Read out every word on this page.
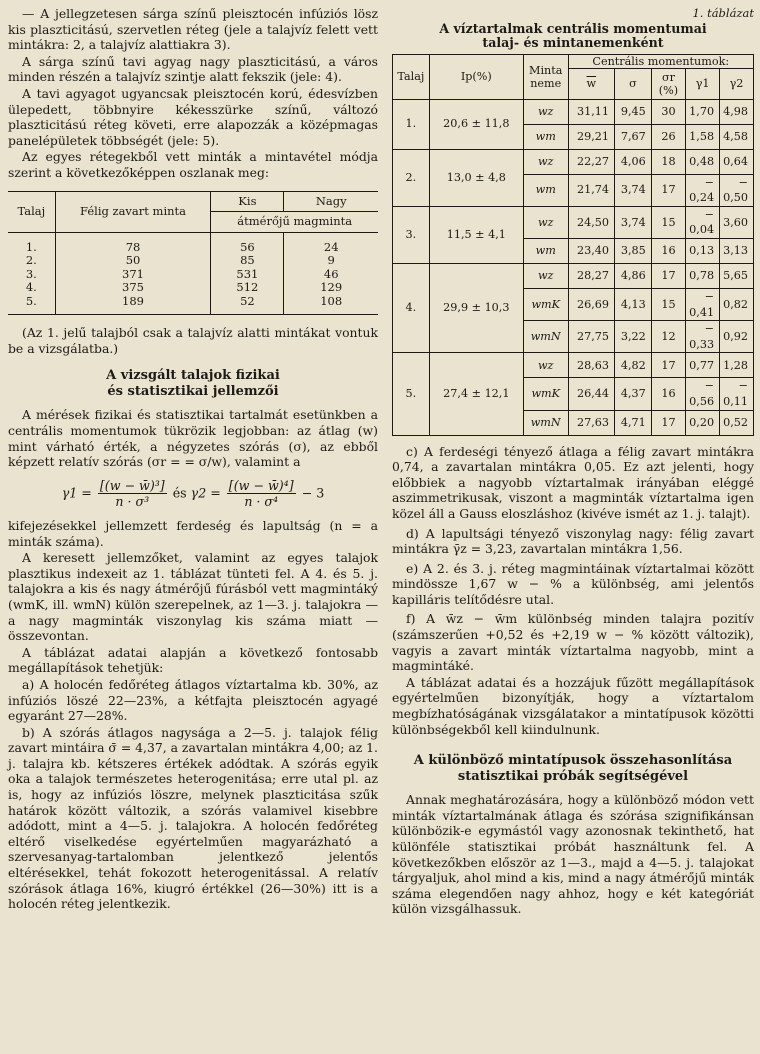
— A jellegzetesen sárga színű pleisztocén infúziós lösz kis plaszticitású, szervetlen réteg (jele a talajvíz felett vett mintákra: 2, a talajvíz alattiakra 3).

A sárga színű tavi agyag nagy plaszticitású, a város minden részén a talajvíz szintje alatt fekszik (jele: 4).

A tavi agyagot ugyancsak pleisztocén korú, édesvízben ülepedett, többnyire kékesszürke színű, változó plaszticitású réteg követi, erre alapozzák a középmagas panelépületek többségét (jele: 5).

Az egyes rétegekből vett minták a mintavétel módja szerint a következőképpen oszlanak meg:

Talaj	Félig zavart minta	Kis	Nagy
		átmérőjű magminta	
1.	78	56	24
2.	50	85	9
3.	371	531	46
4.	375	512	129
5.	189	52	108

(Az 1. jelű talajból csak a talajvíz alatti mintákat vontuk be a vizsgálatba.)

A vizsgált talajok fizikai
és statisztikai jellemzői

A mérések fizikai és statisztikai tartalmát esetünkben a centrális momentumok tükrözik legjobban: az átlag (w) mint várható érték, a négyzetes szórás (σ), az ebből képzett relatív szórás (σr = = σ/w), valamint a

$\gamma 1 = \frac{\text{[(w − w̄)³]}}{\text{n · σ³}}$ és $\gamma 2 = \frac{\text{[(w − w̄)⁴]}}{\text{n · σ⁴}} - 3$

kifejezésekkel jellemzett ferdeség és lapultság (n = a minták száma).

A keresett jellemzőket, valamint az egyes talajok plasztikus indexeit az 1. táblázat tünteti fel. A 4. és 5. j. talajokra a kis és nagy átmérőjű fúrásból vett magmintáký (wmK, ill. wmN) külön szerepelnek, az 1—3. j. talajokra — a nagy magminták viszonylag kis száma miatt — összevontan.

A táblázat adatai alapján a következő fontosabb megállapítások tehetjük:

a) A holocén fedőréteg átlagos víztartalma kb. 30%, az infúziós löszé 22—23%, a kétfajta pleisztocén agyagé egyaránt 27—28%.

b) A szórás átlagos nagysága a 2—5. j. talajok félig zavart mintáira σ̄ = 4,37, a zavartalan mintákra 4,00; az 1. j. talajra kb. kétszeres értékek adódtak. A szórás egyik oka a talajok természetes heterogenitása; erre utal pl. az is, hogy az infúziós löszre, melynek plaszticitása szűk határok között változik, a szórás valamivel kisebbre adódott, mint a 4—5. j. talajokra. A holocén fedőréteg eltérő viselkedése egyértelműen magyarázható a szervesanyag-tartalomban jelentkező jelentős eltérésekkel, tehát fokozott heterogenitással. A relatív szórások átlaga 16%, kiugró értékkel (26—30%) itt is a holocén réteg jelentkezik.

1. táblázat
A víztartalmak centrális momentumai
talaj- és mintanemenként
Talaj	Ip(%)	Minta neme	Centrális momentumok:				
			$\overline{w}$	σ	σr (%)	γ1	γ2
1.	20,6 ± 11,8	wz	31,11	9,45	30	1,70	4,98
		wm	29,21	7,67	26	1,58	4,58
2.	13,0 ± 4,8	wz	22,27	4,06	18	0,48	0,64
		wm	21,74	3,74	17	− 0,24	− 0,50
3.	11,5 ± 4,1	wz	24,50	3,74	15	− 0,04	3,60
		wm	23,40	3,85	16	0,13	3,13
4.	29,9 ± 10,3	wz	28,27	4,86	17	0,78	5,65
		wmK	26,69	4,13	15	− 0,41	0,82
		wmN	27,75	3,22	12	− 0,33	0,92
5.	27,4 ± 12,1	wz	28,63	4,82	17	0,77	1,28
		wmK	26,44	4,37	16	− 0,56	− 0,11
		wmN	27,63	4,71	17	0,20	0,52

c) A ferdeségi tényező átlaga a félig zavart mintákra 0,74, a zavartalan mintákra 0,05. Ez azt jelenti, hogy előbbiek a nagyobb víztartalmak irányában eléggé aszimmetrikusak, viszont a magminták víztartalma igen közel áll a Gauss eloszláshoz (kivéve ismét az 1. j. talajt).

d) A lapultsági tényező viszonylag nagy: félig zavart mintákra γ̄z = 3,23, zavartalan mintákra 1,56.

e) A 2. és 3. j. réteg magmintáinak víztartalmai között mindössze 1,67 w − % a különbség, ami jelentős kapilláris telítődésre utal.

f) A w̄z − w̄m különbség minden talajra pozitív (számszerűen +0,52 és +2,19 w − % között változik), vagyis a zavart minták víztartalma nagyobb, mint a magmintáké.

A táblázat adatai és a hozzájuk fűzött megállapítások egyértelműen bizonyítják, hogy a víztartalom megbízhatóságának vizsgálatakor a mintatípusok közötti különbségekből kell kiindulnunk.

A különböző mintatípusok összehasonlítása
statisztikai próbák segítségével

Annak meghatározására, hogy a különböző módon vett minták víztartalmának átlaga és szórása szignifikánsan különbözik-e egymástól vagy azonosnak tekinthető, hat különféle statisztikai próbát használtunk fel. A következőkben először az 1—3., majd a 4—5. j. talajokat tárgyaljuk, ahol mind a kis, mind a nagy átmérőjű minták száma elegendően nagy ahhoz, hogy e két kategóriát külön vizsgálhassuk.
